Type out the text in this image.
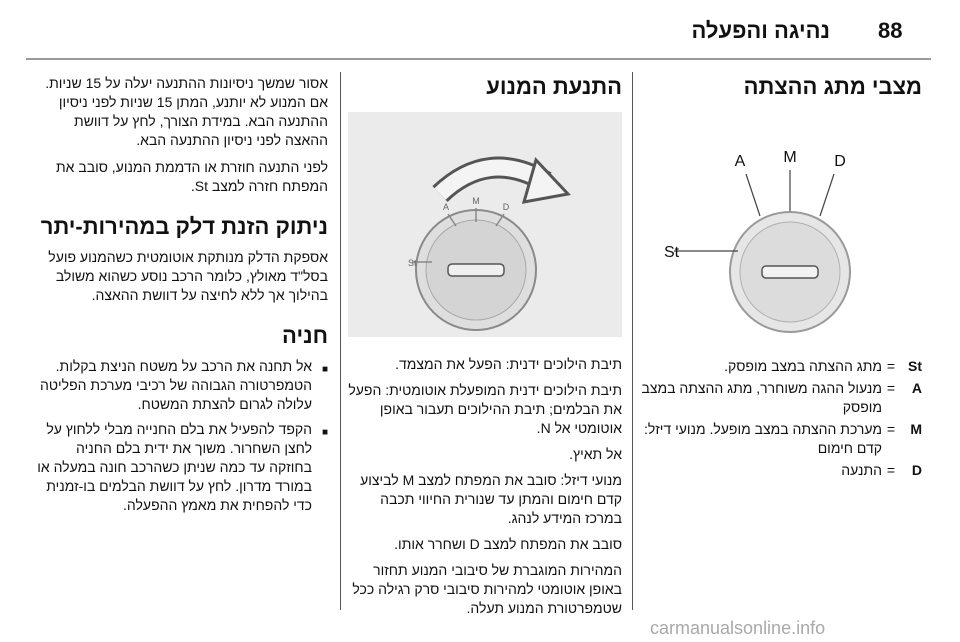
88
נהיגה והפעלה
מצבי מתג ההצתה
St
A M D
St
=
מתג ההצתה במצב מופסק.
A
=
מנעול ההגה משוחרר, מתג ההצתה במצב מופסק
M
=
מערכת ההצתה במצב מופעל. מנועי דיזל: קדם חימום
D
=
התנעה
התנעת המנוע
St
A
M
D

תיבת הילוכים ידנית: הפעל את המצמד.

תיבת הילוכים ידנית המופעלת אוטומטית: הפעל את הבלמים; תיבת ההילוכים תעבור באופן אוטומטי אל N.

אל תאיץ.

מנועי דיזל: סובב את המפתח למצב M לביצוע קדם חימום והמתן עד שנורית החיווי תכבה במרכז המידע לנהג.

סובב את המפתח למצב D ושחרר אותו.

המהירות המוגברת של סיבובי המנוע תחזור באופן אוטומטי למהירות סיבובי סרק רגילה ככל שטמפרטורת המנוע תעלה.

אסור שמשך ניסיונות ההתנעה יעלה על 15 שניות. אם המנוע לא יותנע, המתן 15 שניות לפני ניסיון ההתנעה הבא. במידת הצורך, לחץ על דוושת ההאצה לפני ניסיון ההתנעה הבא.

לפני התנעה חוזרת או הדממת המנוע, סובב את המפתח חזרה למצב St.

ניתוק הזנת דלק במהירות-יתר

אספקת הדלק מנותקת אוטומטית כשהמנוע פועל בסל"ד מאולץ, כלומר הרכב נוסע כשהוא משולב בהילוך אך ללא לחיצה על דוושת ההאצה.

חניה
■
אל תחנה את הרכב על משטח הניצת בקלות. הטמפרטורה הגבוהה של רכיבי מערכת הפליטה עלולה לגרום להצתת המשטח.
■
הקפד להפעיל את בלם החנייה מבלי ללחוץ על לחצן השחרור. משוך את ידית בלם החניה בחוזקה עד כמה שניתן כשהרכב חונה במעלה או במורד מדרון. לחץ על דוושת הבלמים בו-זמנית כדי להפחית את מאמץ ההפעלה.
carmanualsonline.info
